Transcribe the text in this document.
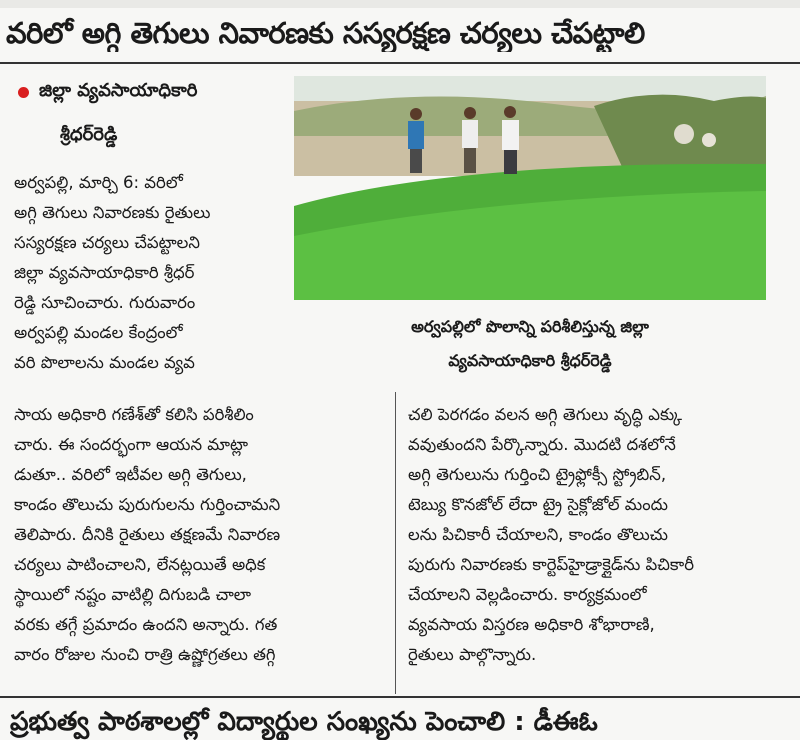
వరిలో అగ్గి తెగులు నివారణకు సస్యరక్షణ చర్యలు చేపట్టాలి
జిల్లా వ్యవసాయాధికారి
శ్రీధర్‌రెడ్డి
అర్వపల్లి, మార్చి 6: వరిలో
అగ్గి తెగులు నివారణకు రైతులు
సస్యరక్షణ చర్యలు చేపట్టాలని
జిల్లా వ్యవసాయాధికారి శ్రీధర్
రెడ్డి సూచించారు. గురువారం
అర్వపల్లి మండల కేంద్రంలో
వరి పొలాలను మండల వ్యవ
అర్వపల్లిలో పొలాన్ని పరిశీలిస్తున్న జిల్లా
వ్యవసాయాధికారి శ్రీధర్‌రెడ్డి
సాయ అధికారి గణేశ్‌తో కలిసి పరిశీలిం
చారు. ఈ సందర్భంగా ఆయన మాట్లా
డుతూ.. వరిలో ఇటీవల అగ్గి తెగులు,
కాండం తొలుచు పురుగులను గుర్తించామని
తెలిపారు. దీనికి రైతులు తక్షణమే నివారణ
చర్యలు పాటించాలని, లేనట్లయితే అధిక
స్థాయిలో నష్టం వాటిల్లి దిగుబడి చాలా
వరకు తగ్గే ప్రమాదం ఉందని అన్నారు. గత
వారం రోజుల నుంచి రాత్రి ఉష్ణోగ్రతలు తగ్గి
చలి పెరగడం వలన అగ్గి తెగులు వృద్ధి ఎక్కు
వవుతుందని పేర్కొన్నారు. మొదటి దశలోనే
అగ్గి తెగులును గుర్తించి ట్రైఫ్లోక్సీ స్ట్రోబిన్,
టెబ్యు కొనజోల్ లేదా ట్రై సైక్లోజోల్ మందు
లను పిచికారీ చేయాలని, కాండం తొలుచు
పురుగు నివారణకు కార్టెప్‌హైడ్రాక్లైడ్‌ను పిచికారీ
చేయాలని వెల్లడించారు. కార్యక్రమంలో
వ్యవసాయ విస్తరణ అధికారి శోభారాణి,
రైతులు పాల్గొన్నారు.
ప్రభుత్వ పాఠశాలల్లో విద్యార్థుల సంఖ్యను పెంచాలి : డీఈఓ
